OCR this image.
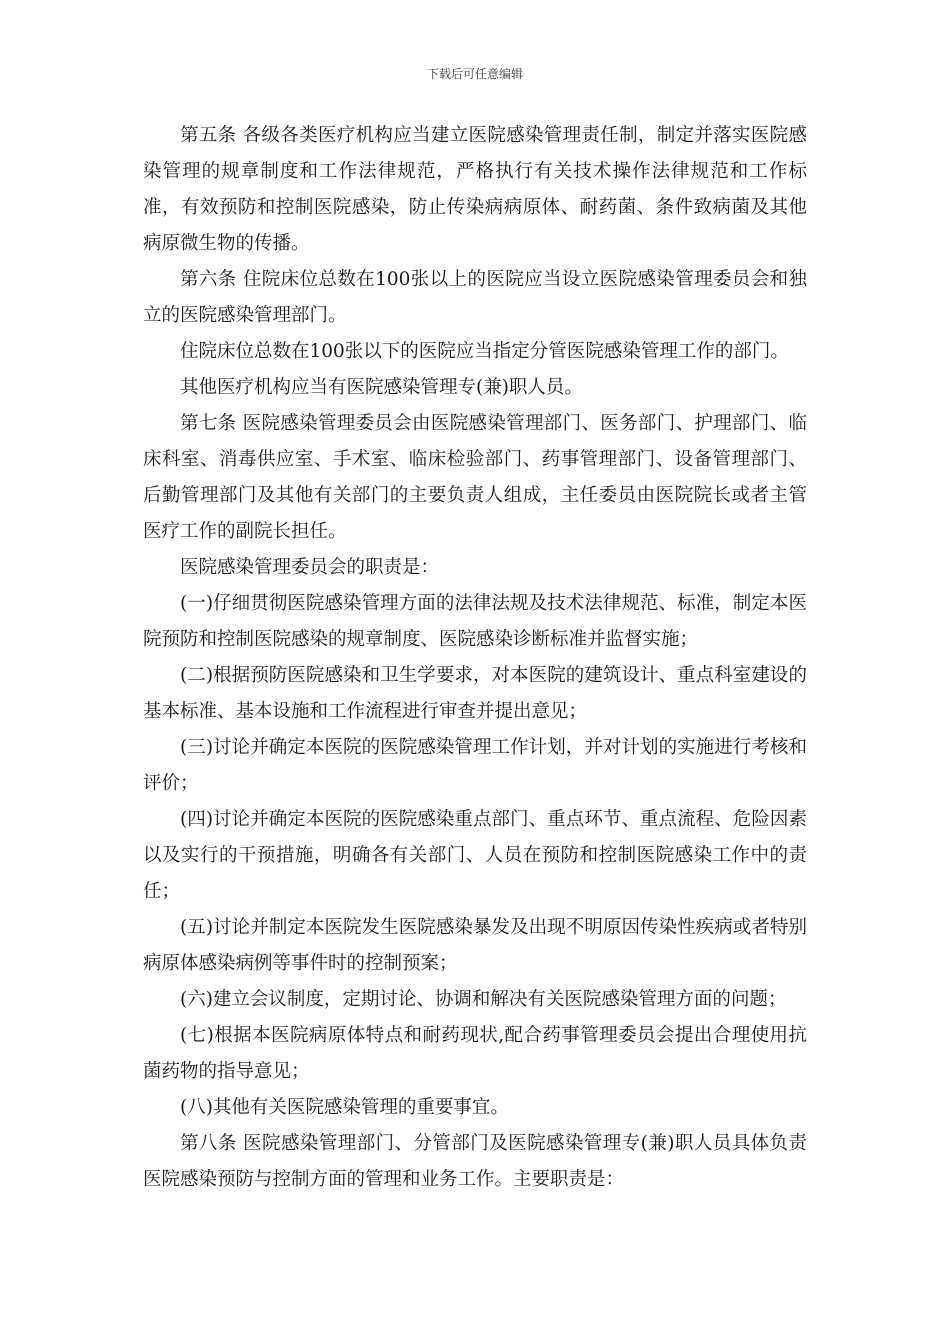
下载后可任意编辑

第五条 各级各类医疗机构应当建立医院感染管理责任制，制定并落实医院感染管理的规章制度和工作法律规范，严格执行有关技术操作法律规范和工作标准，有效预防和控制医院感染，防止传染病病原体、耐药菌、条件致病菌及其他病原微生物的传播。

第六条 住院床位总数在100张以上的医院应当设立医院感染管理委员会和独立的医院感染管理部门。

住院床位总数在100张以下的医院应当指定分管医院感染管理工作的部门。

其他医疗机构应当有医院感染管理专(兼)职人员。

第七条 医院感染管理委员会由医院感染管理部门、医务部门、护理部门、临床科室、消毒供应室、手术室、临床检验部门、药事管理部门、设备管理部门、后勤管理部门及其他有关部门的主要负责人组成，主任委员由医院院长或者主管医疗工作的副院长担任。

医院感染管理委员会的职责是：

(一)仔细贯彻医院感染管理方面的法律法规及技术法律规范、标准，制定本医院预防和控制医院感染的规章制度、医院感染诊断标准并监督实施；

(二)根据预防医院感染和卫生学要求，对本医院的建筑设计、重点科室建设的基本标准、基本设施和工作流程进行审查并提出意见；

(三)讨论并确定本医院的医院感染管理工作计划，并对计划的实施进行考核和评价；

(四)讨论并确定本医院的医院感染重点部门、重点环节、重点流程、危险因素以及实行的干预措施，明确各有关部门、人员在预防和控制医院感染工作中的责任；

(五)讨论并制定本医院发生医院感染暴发及出现不明原因传染性疾病或者特别病原体感染病例等事件时的控制预案；

(六)建立会议制度，定期讨论、协调和解决有关医院感染管理方面的问题；

(七)根据本医院病原体特点和耐药现状,配合药事管理委员会提出合理使用抗菌药物的指导意见；

(八)其他有关医院感染管理的重要事宜。

第八条 医院感染管理部门、分管部门及医院感染管理专(兼)职人员具体负责医院感染预防与控制方面的管理和业务工作。主要职责是：
